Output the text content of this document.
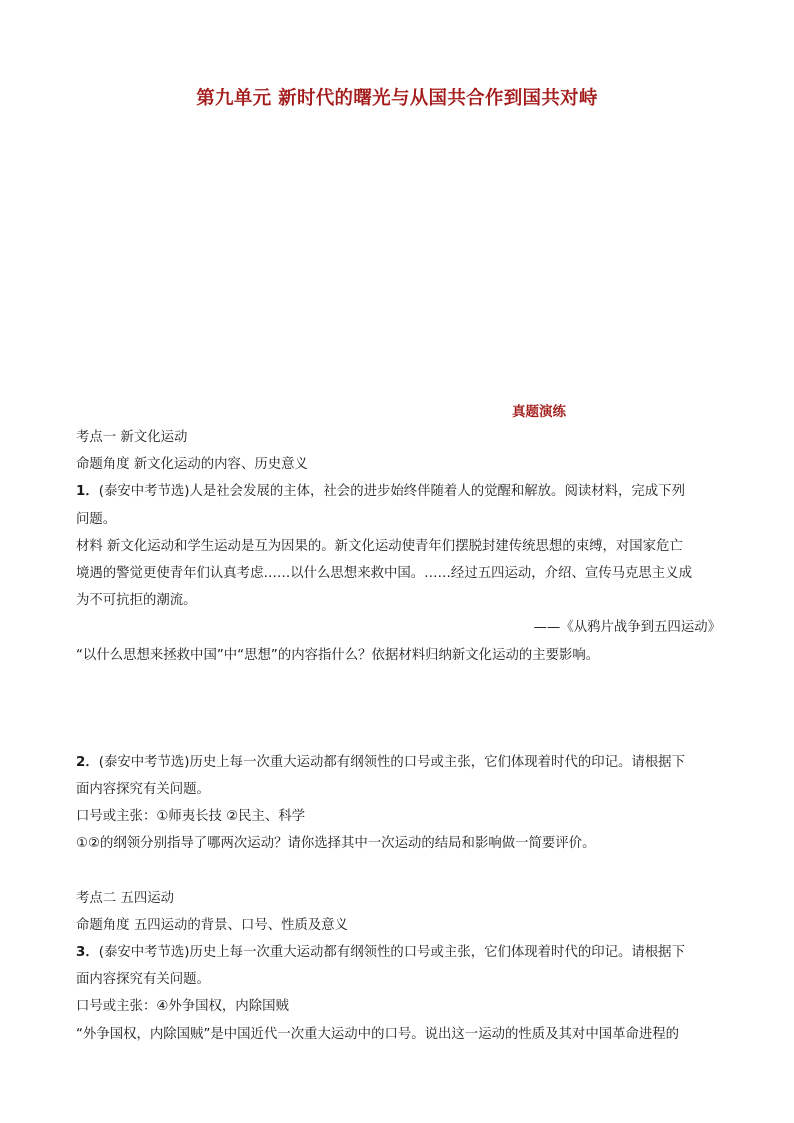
第九单元 新时代的曙光与从国共合作到国共对峙
真题演练
考点一 新文化运动
命题角度 新文化运动的内容、历史意义
1．(泰安中考节选)人是社会发展的主体，社会的进步始终伴随着人的觉醒和解放。阅读材料，完成下列
问题。
材料 新文化运动和学生运动是互为因果的。新文化运动使青年们摆脱封建传统思想的束缚，对国家危亡
境遇的警觉更使青年们认真考虑……以什么思想来救中国。……经过五四运动，介绍、宣传马克思主义成
为不可抗拒的潮流。
——《从鸦片战争到五四运动》
“以什么思想来拯救中国”中“思想”的内容指什么？依据材料归纳新文化运动的主要影响。
2．(泰安中考节选)历史上每一次重大运动都有纲领性的口号或主张，它们体现着时代的印记。请根据下
面内容探究有关问题。
口号或主张：①师夷长技 ②民主、科学
①②的纲领分别指导了哪两次运动？请你选择其中一次运动的结局和影响做一简要评价。
考点二 五四运动
命题角度 五四运动的背景、口号、性质及意义
3．(泰安中考节选)历史上每一次重大运动都有纲领性的口号或主张，它们体现着时代的印记。请根据下
面内容探究有关问题。
口号或主张：④外争国权，内除国贼
“外争国权，内除国贼”是中国近代一次重大运动中的口号。说出这一运动的性质及其对中国革命进程的
